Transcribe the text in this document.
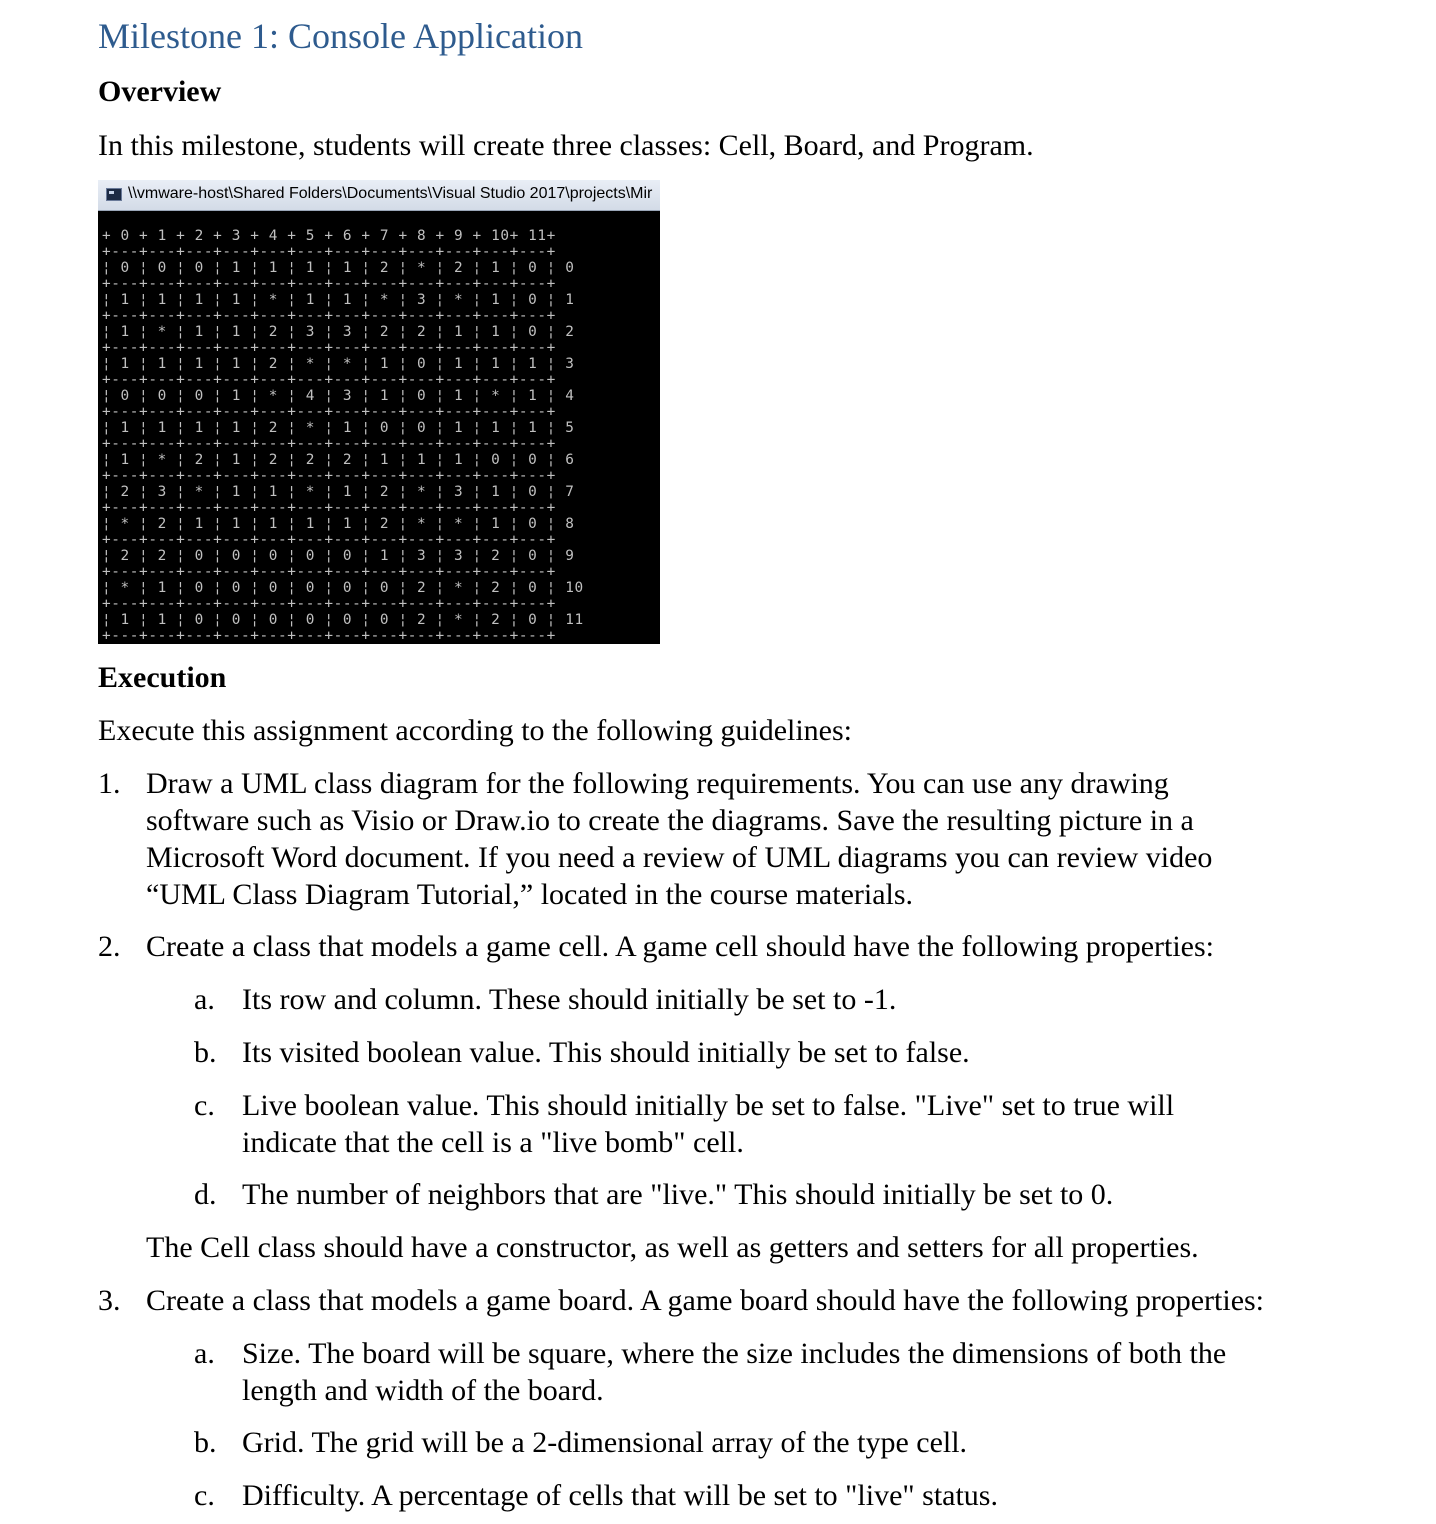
Milestone 1: Console Application
Overview
In this milestone, students will create three classes: Cell, Board, and Program.
\\vmware-host\Shared Folders\Documents\Visual Studio 2017\projects\Mir
+ 0 + 1 + 2 + 3 + 4 + 5 + 6 + 7 + 8 + 9 + 10+ 11+
+---+---+---+---+---+---+---+---+---+---+---+---+
¦ 0 ¦ 0 ¦ 0 ¦ 1 ¦ 1 ¦ 1 ¦ 1 ¦ 2 ¦ * ¦ 2 ¦ 1 ¦ 0 ¦ 0
+---+---+---+---+---+---+---+---+---+---+---+---+
¦ 1 ¦ 1 ¦ 1 ¦ 1 ¦ * ¦ 1 ¦ 1 ¦ * ¦ 3 ¦ * ¦ 1 ¦ 0 ¦ 1
+---+---+---+---+---+---+---+---+---+---+---+---+
¦ 1 ¦ * ¦ 1 ¦ 1 ¦ 2 ¦ 3 ¦ 3 ¦ 2 ¦ 2 ¦ 1 ¦ 1 ¦ 0 ¦ 2
+---+---+---+---+---+---+---+---+---+---+---+---+
¦ 1 ¦ 1 ¦ 1 ¦ 1 ¦ 2 ¦ * ¦ * ¦ 1 ¦ 0 ¦ 1 ¦ 1 ¦ 1 ¦ 3
+---+---+---+---+---+---+---+---+---+---+---+---+
¦ 0 ¦ 0 ¦ 0 ¦ 1 ¦ * ¦ 4 ¦ 3 ¦ 1 ¦ 0 ¦ 1 ¦ * ¦ 1 ¦ 4
+---+---+---+---+---+---+---+---+---+---+---+---+
¦ 1 ¦ 1 ¦ 1 ¦ 1 ¦ 2 ¦ * ¦ 1 ¦ 0 ¦ 0 ¦ 1 ¦ 1 ¦ 1 ¦ 5
+---+---+---+---+---+---+---+---+---+---+---+---+
¦ 1 ¦ * ¦ 2 ¦ 1 ¦ 2 ¦ 2 ¦ 2 ¦ 1 ¦ 1 ¦ 1 ¦ 0 ¦ 0 ¦ 6
+---+---+---+---+---+---+---+---+---+---+---+---+
¦ 2 ¦ 3 ¦ * ¦ 1 ¦ 1 ¦ * ¦ 1 ¦ 2 ¦ * ¦ 3 ¦ 1 ¦ 0 ¦ 7
+---+---+---+---+---+---+---+---+---+---+---+---+
¦ * ¦ 2 ¦ 1 ¦ 1 ¦ 1 ¦ 1 ¦ 1 ¦ 2 ¦ * ¦ * ¦ 1 ¦ 0 ¦ 8
+---+---+---+---+---+---+---+---+---+---+---+---+
¦ 2 ¦ 2 ¦ 0 ¦ 0 ¦ 0 ¦ 0 ¦ 0 ¦ 1 ¦ 3 ¦ 3 ¦ 2 ¦ 0 ¦ 9
+---+---+---+---+---+---+---+---+---+---+---+---+
¦ * ¦ 1 ¦ 0 ¦ 0 ¦ 0 ¦ 0 ¦ 0 ¦ 0 ¦ 2 ¦ * ¦ 2 ¦ 0 ¦ 10
+---+---+---+---+---+---+---+---+---+---+---+---+
¦ 1 ¦ 1 ¦ 0 ¦ 0 ¦ 0 ¦ 0 ¦ 0 ¦ 0 ¦ 2 ¦ * ¦ 2 ¦ 0 ¦ 11
+---+---+---+---+---+---+---+---+---+---+---+---+
Execution
Execute this assignment according to the following guidelines:
1. Draw a UML class diagram for the following requirements. You can use any drawing
software such as Visio or Draw.io to create the diagrams. Save the resulting picture in a
Microsoft Word document. If you need a review of UML diagrams you can review video
“UML Class Diagram Tutorial,” located in the course materials.
2. Create a class that models a game cell. A game cell should have the following properties:
a. Its row and column. These should initially be set to -1.
b. Its visited boolean value. This should initially be set to false.
c. Live boolean value. This should initially be set to false. "Live" set to true will
indicate that the cell is a "live bomb" cell.
d. The number of neighbors that are "live." This should initially be set to 0.
The Cell class should have a constructor, as well as getters and setters for all properties.
3. Create a class that models a game board. A game board should have the following properties:
a. Size. The board will be square, where the size includes the dimensions of both the
length and width of the board.
b. Grid. The grid will be a 2-dimensional array of the type cell.
c. Difficulty. A percentage of cells that will be set to "live" status.
